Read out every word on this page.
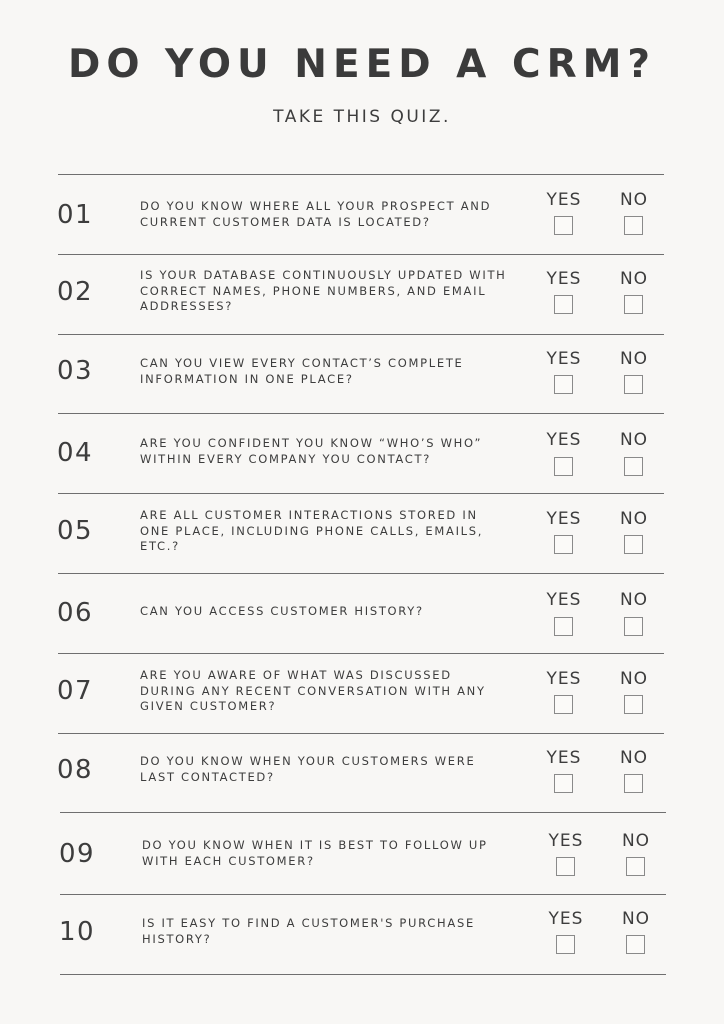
DO YOU NEED A CRM?
TAKE THIS QUIZ.
01	DO YOU KNOW WHERE ALL YOUR PROSPECT AND CURRENT CUSTOMER DATA IS LOCATED?
YES	NO
02
IS YOUR DATABASE CONTINUOUSLY UPDATED WITH CORRECT NAMES, PHONE NUMBERS, AND EMAIL ADDRESSES?
YES	NO
03	CAN YOU VIEW EVERY CONTACT’S COMPLETE INFORMATION IN ONE PLACE?
YES	NO
04	ARE YOU CONFIDENT YOU KNOW “WHO’S WHO” WITHIN EVERY COMPANY YOU CONTACT?
YES	NO
05
ARE ALL CUSTOMER INTERACTIONS STORED IN ONE PLACE, INCLUDING PHONE CALLS, EMAILS, ETC.?
YES	NO
06	CAN YOU ACCESS CUSTOMER HISTORY?
YES	NO
07
ARE YOU AWARE OF WHAT WAS DISCUSSED DURING ANY RECENT CONVERSATION WITH ANY GIVEN CUSTOMER?
YES	NO
08	DO YOU KNOW WHEN YOUR CUSTOMERS WERE LAST CONTACTED?
YES	NO
09	DO YOU KNOW WHEN IT IS BEST TO FOLLOW UP WITH EACH CUSTOMER?
YES	NO
10	IS IT EASY TO FIND A CUSTOMER'S PURCHASE HISTORY?
YES	NO
